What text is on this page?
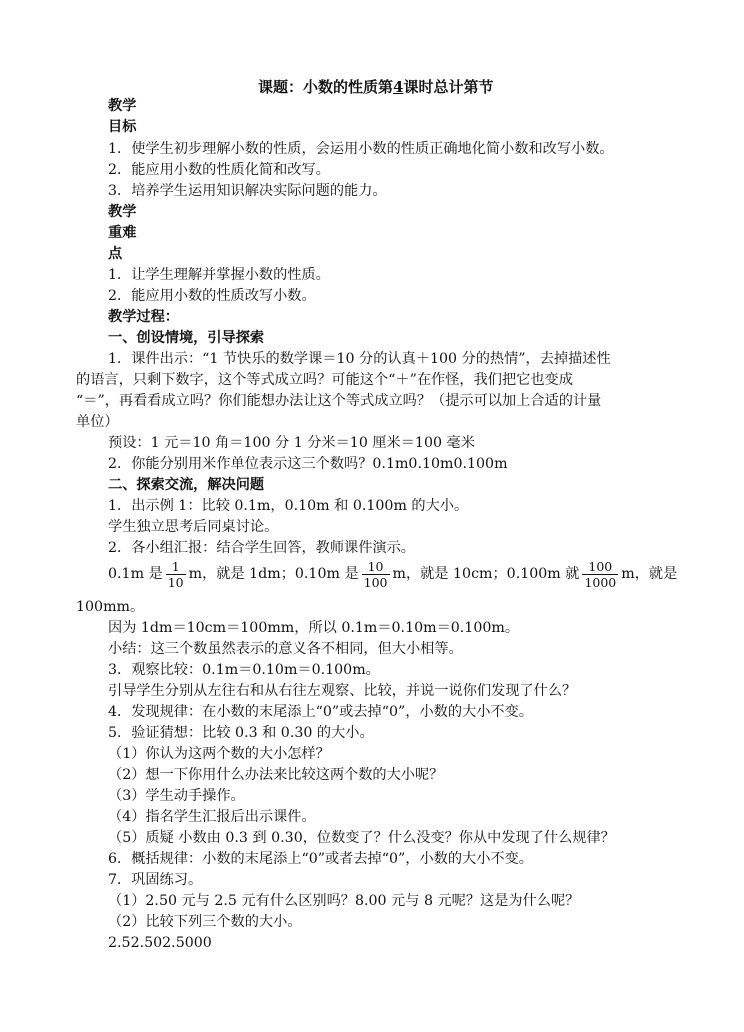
课题：小数的性质第4课时总计第节
教学
目标
1．使学生初步理解小数的性质，会运用小数的性质正确地化简小数和改写小数。
2．能应用小数的性质化简和改写。
3．培养学生运用知识解决实际问题的能力。
教学
重难
点
1．让学生理解并掌握小数的性质。
2．能应用小数的性质改写小数。
教学过程：
一、创设情境，引导探索
1．课件出示：“1 节快乐的数学课＝10 分的认真＋100 分的热情”，去掉描述性
的语言，只剩下数字，这个等式成立吗？可能这个“＋”在作怪，我们把它也变成
“＝”，再看看成立吗？你们能想办法让这个等式成立吗？（提示可以加上合适的计量
单位）
预设：1 元＝10 角＝100 分 1 分米＝10 厘米＝100 毫米
2．你能分别用米作单位表示这三个数吗？0.1m0.10m0.100m
二、探索交流，解决问题
1．出示例 1：比较 0.1m，0.10m 和 0.100m 的大小。
学生独立思考后同桌讨论。
2．各小组汇报：结合学生回答，教师课件演示。
0.1m 是 $\frac{1}{10}$ m，就是 1dm；0.10m 是 $\frac{10}{100}$ m，就是 10cm；0.100m 就 $\frac{100}{1000}$ m，就是
100mm。
因为 1dm＝10cm＝100mm，所以 0.1m＝0.10m＝0.100m。
小结：这三个数虽然表示的意义各不相同，但大小相等。
3．观察比较：0.1m＝0.10m＝0.100m。
引导学生分别从左往右和从右往左观察、比较，并说一说你们发现了什么？
4．发现规律：在小数的末尾添上“0”或去掉“0”，小数的大小不变。
5．验证猜想：比较 0.3 和 0.30 的大小。
（1）你认为这两个数的大小怎样？
（2）想一下你用什么办法来比较这两个数的大小呢？
（3）学生动手操作。
（4）指名学生汇报后出示课件。
（5）质疑 小数由 0.3 到 0.30，位数变了？什么没变？你从中发现了什么规律？
6．概括规律：小数的末尾添上“0”或者去掉“0”，小数的大小不变。
7．巩固练习。
（1）2.50 元与 2.5 元有什么区别吗？8.00 元与 8 元呢？这是为什么呢？
（2）比较下列三个数的大小。
2.52.502.5000
